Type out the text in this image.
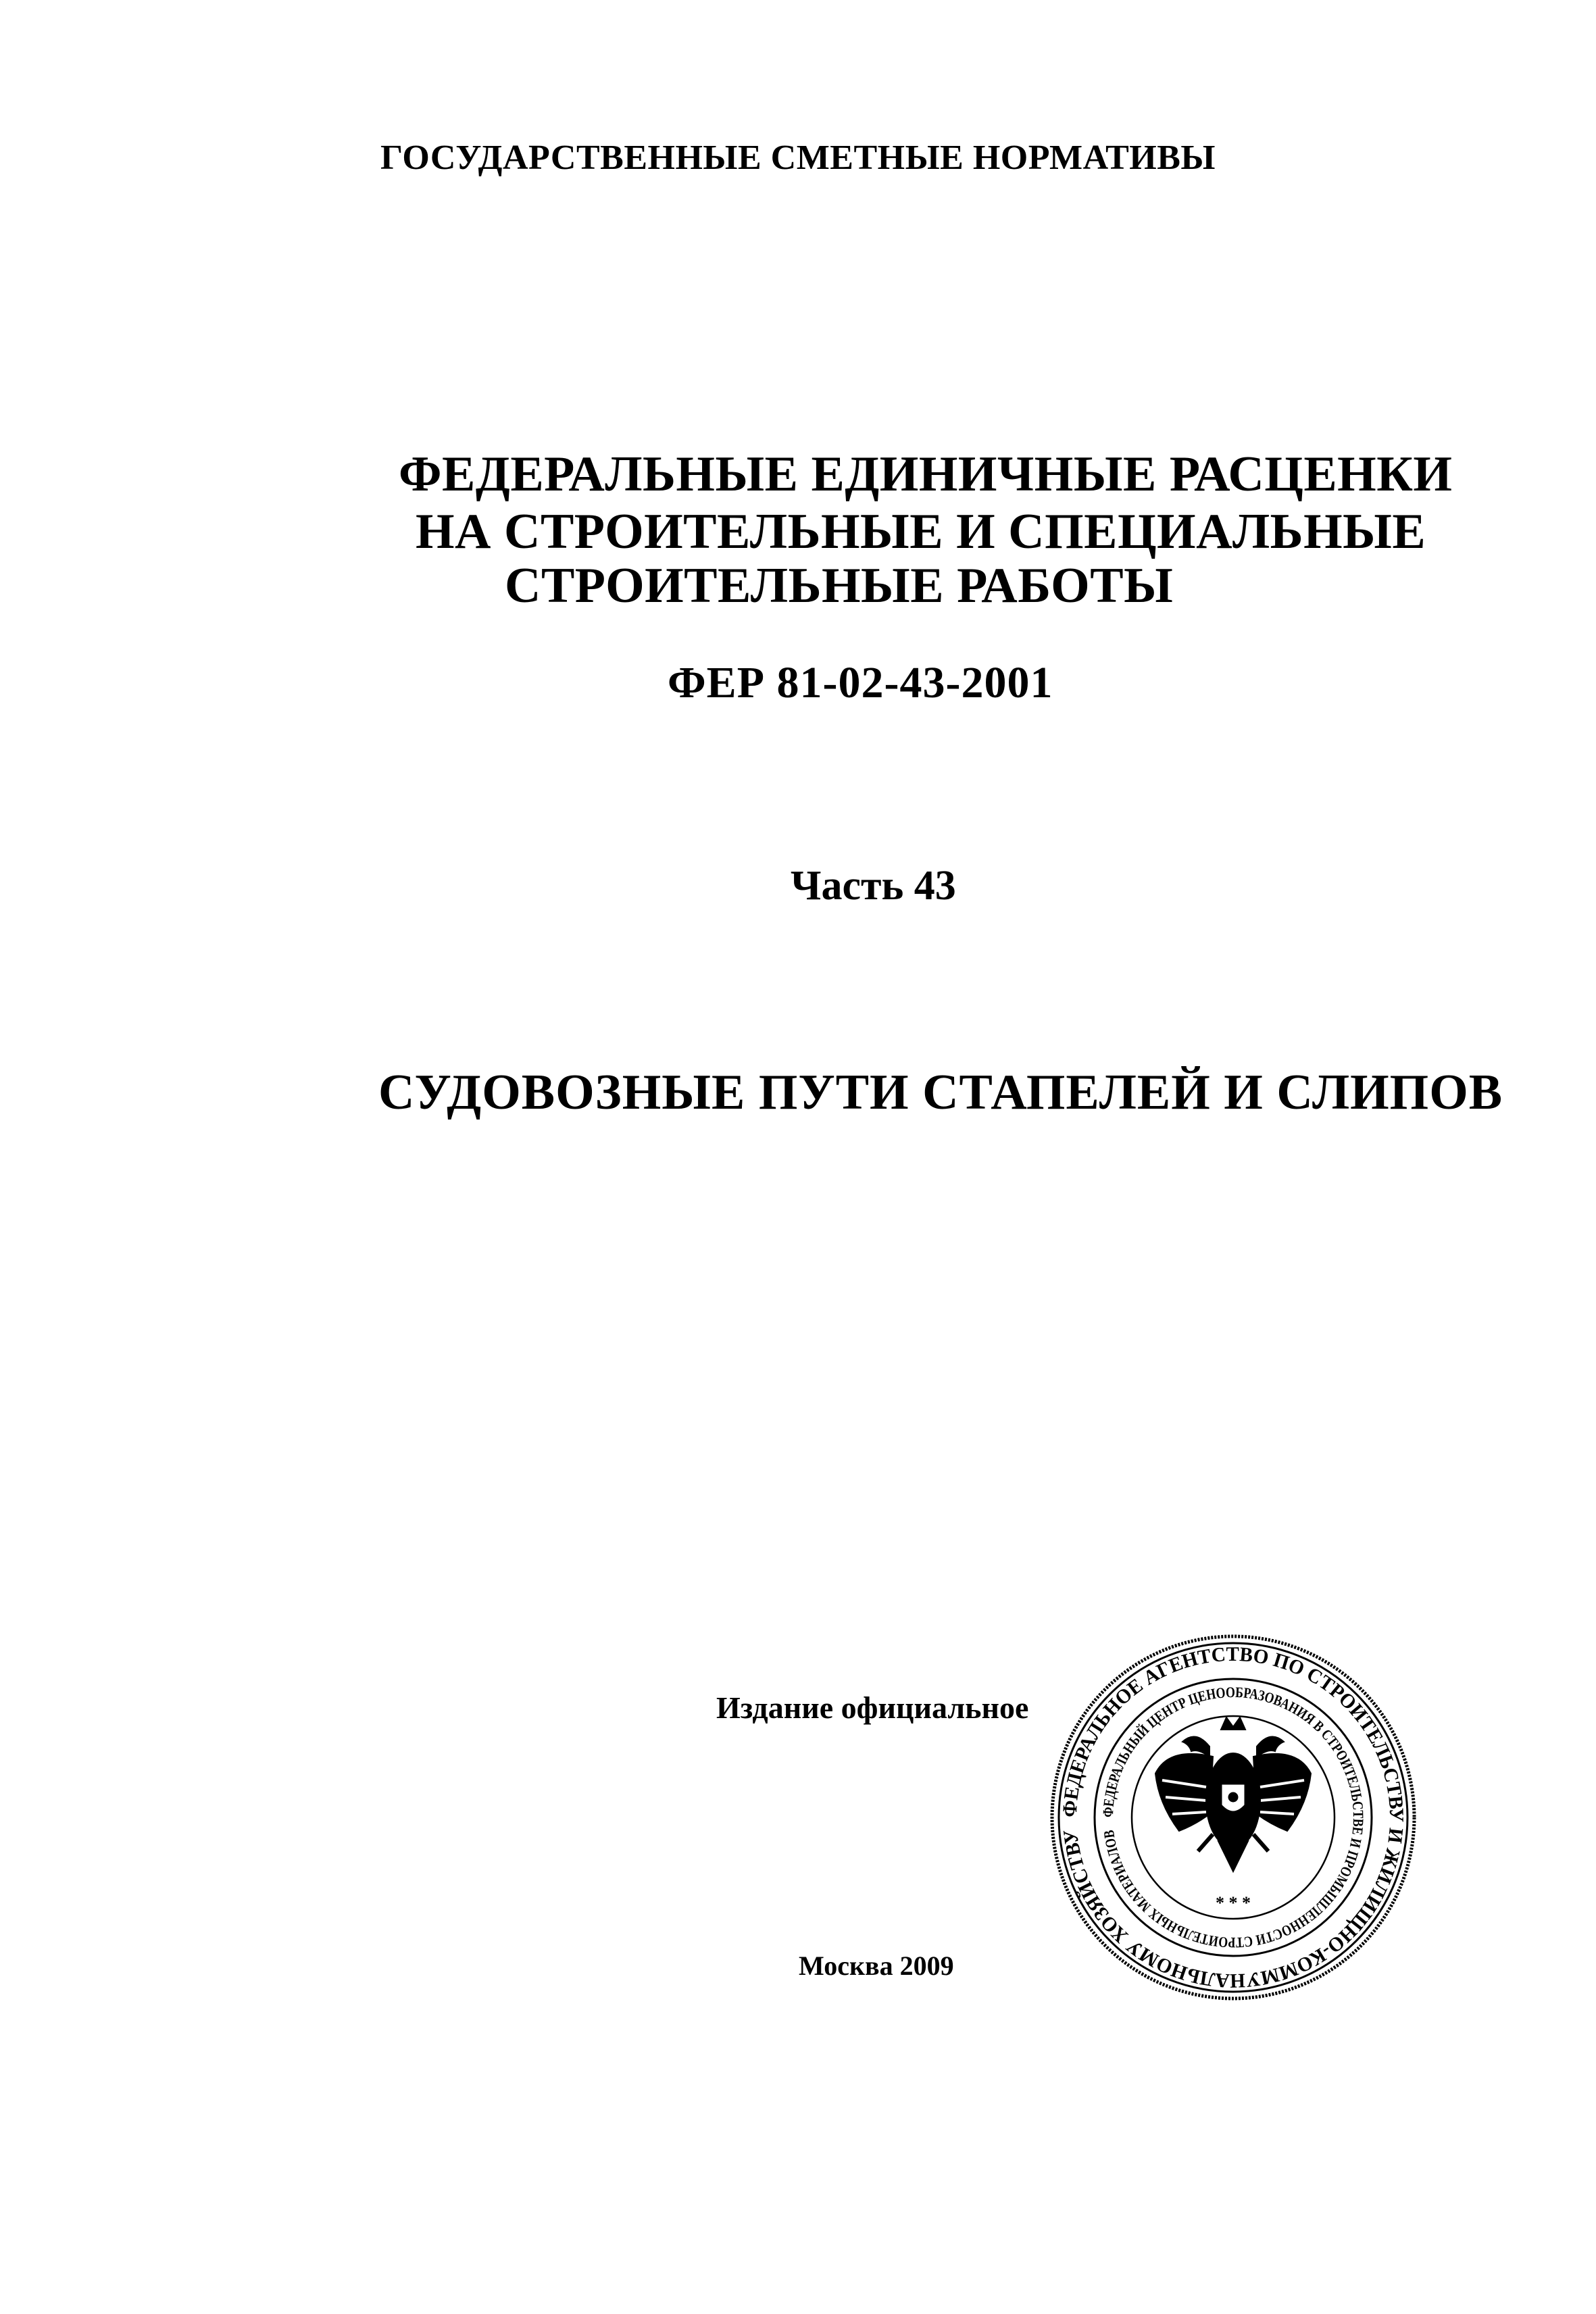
ГОСУДАРСТВЕННЫЕ СМЕТНЫЕ НОРМАТИВЫ
ФЕДЕРАЛЬНЫЕ ЕДИНИЧНЫЕ РАСЦЕНКИ
НА СТРОИТЕЛЬНЫЕ И СПЕЦИАЛЬНЫЕ
СТРОИТЕЛЬНЫЕ РАБОТЫ
ФЕР 81-02-43-2001
Часть 43
СУДОВОЗНЫЕ ПУТИ СТАПЕЛЕЙ И СЛИПОВ
Издание официальное
ФЕДЕРАЛЬНОЕ АГЕНТСТВО ПО СТРОИТЕЛЬСТВУ И ЖИЛИЩНО-КОММУНАЛЬНОМУ ХОЗЯЙСТВУ
ФЕДЕРАЛЬНЫЙ ЦЕНТР ЦЕНООБРАЗОВАНИЯ В СТРОИТЕЛЬСТВЕ И ПРОМЫШЛЕННОСТИ СТРОИТЕЛЬНЫХ МАТЕРИАЛОВ
* * *
Москва 2009
